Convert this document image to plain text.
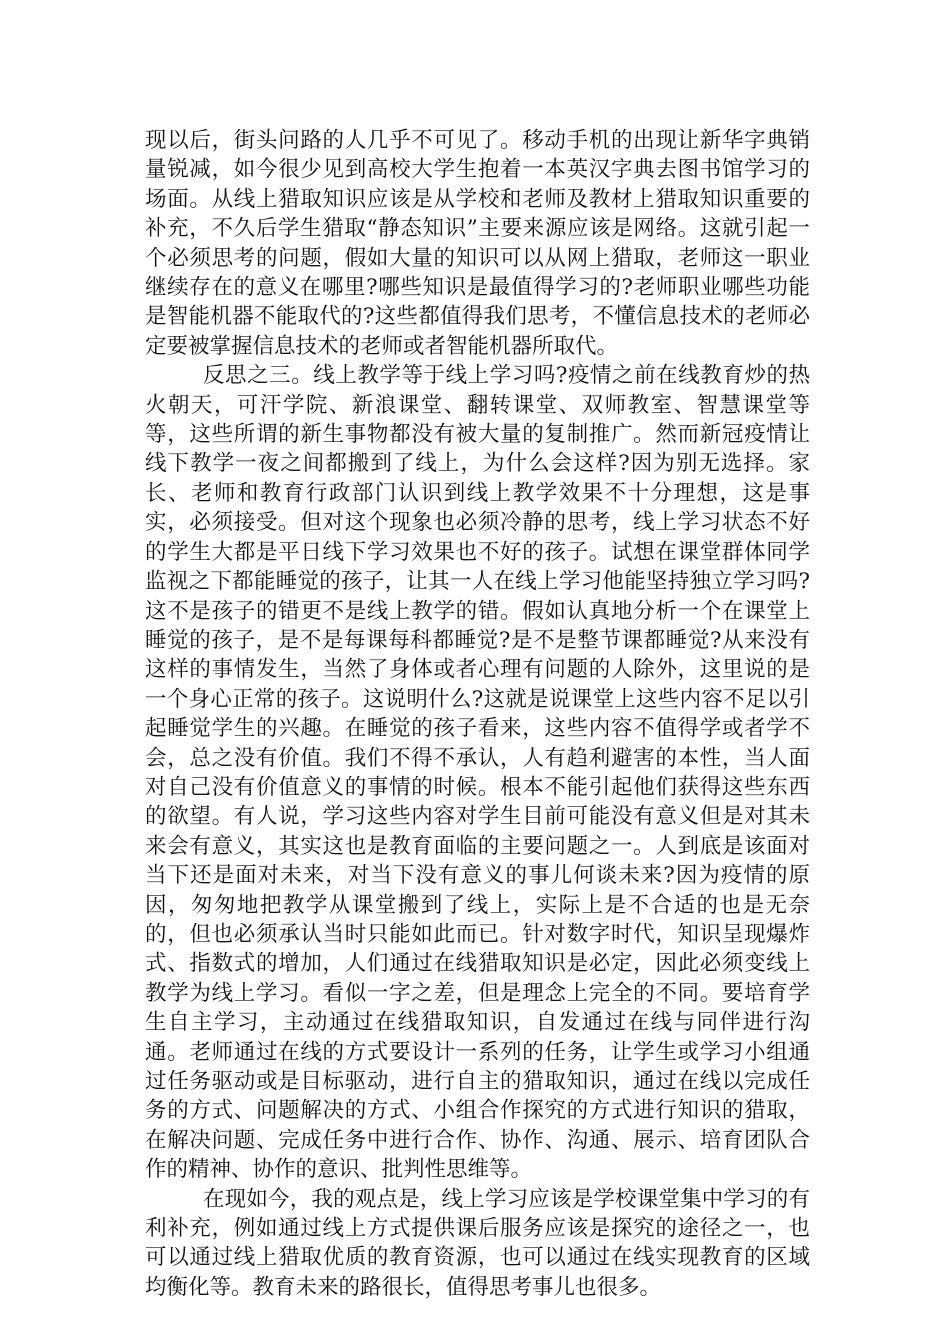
现以后，街头问路的人几乎不可见了。移动手机的出现让新华字典销量锐减，如今很少见到高校大学生抱着一本英汉字典去图书馆学习的场面。从线上猎取知识应该是从学校和老师及教材上猎取知识重要的补充，不久后学生猎取“静态知识”主要来源应该是网络。这就引起一个必须思考的问题，假如大量的知识可以从网上猎取，老师这一职业继续存在的意义在哪里?哪些知识是最值得学习的?老师职业哪些功能是智能机器不能取代的?这些都值得我们思考，不懂信息技术的老师必定要被掌握信息技术的老师或者智能机器所取代。

反思之三。线上教学等于线上学习吗?疫情之前在线教育炒的热火朝天，可汗学院、新浪课堂、翻转课堂、双师教室、智慧课堂等等，这些所谓的新生事物都没有被大量的复制推广。然而新冠疫情让线下教学一夜之间都搬到了线上，为什么会这样?因为别无选择。家长、老师和教育行政部门认识到线上教学效果不十分理想，这是事实，必须接受。但对这个现象也必须冷静的思考，线上学习状态不好的学生大都是平日线下学习效果也不好的孩子。试想在课堂群体同学监视之下都能睡觉的孩子，让其一人在线上学习他能坚持独立学习吗?这不是孩子的错更不是线上教学的错。假如认真地分析一个在课堂上睡觉的孩子，是不是每课每科都睡觉?是不是整节课都睡觉?从来没有这样的事情发生，当然了身体或者心理有问题的人除外，这里说的是一个身心正常的孩子。这说明什么?这就是说课堂上这些内容不足以引起睡觉学生的兴趣。在睡觉的孩子看来，这些内容不值得学或者学不会，总之没有价值。我们不得不承认，人有趋利避害的本性，当人面对自己没有价值意义的事情的时候。根本不能引起他们获得这些东西的欲望。有人说，学习这些内容对学生目前可能没有意义但是对其未来会有意义，其实这也是教育面临的主要问题之一。人到底是该面对当下还是面对未来，对当下没有意义的事儿何谈未来?因为疫情的原因，匆匆地把教学从课堂搬到了线上，实际上是不合适的也是无奈的，但也必须承认当时只能如此而已。针对数字时代，知识呈现爆炸式、指数式的增加，人们通过在线猎取知识是必定，因此必须变线上教学为线上学习。看似一字之差，但是理念上完全的不同。要培育学生自主学习，主动通过在线猎取知识，自发通过在线与同伴进行沟通。老师通过在线的方式要设计一系列的任务，让学生或学习小组通过任务驱动或是目标驱动，进行自主的猎取知识，通过在线以完成任务的方式、问题解决的方式、小组合作探究的方式进行知识的猎取，在解决问题、完成任务中进行合作、协作、沟通、展示、培育团队合作的精神、协作的意识、批判性思维等。

在现如今，我的观点是，线上学习应该是学校课堂集中学习的有利补充，例如通过线上方式提供课后服务应该是探究的途径之一，也可以通过线上猎取优质的教育资源，也可以通过在线实现教育的区域均衡化等。教育未来的路很长，值得思考事儿也很多。
